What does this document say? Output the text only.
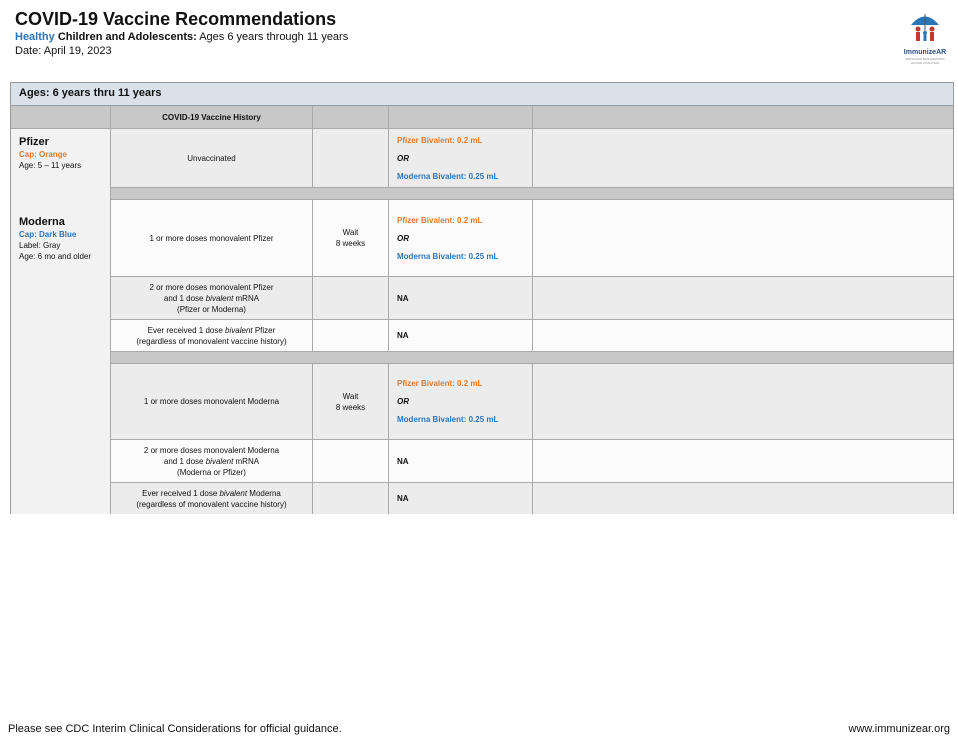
COVID-19 Vaccine Recommendations
Healthy Children and Adolescents: Ages 6 years through 11 years
Date: April 19, 2023	ImmunizeAR
ARKANSAS IMMUNIZATION ACTION COALITION
Ages: 6 years thru 11 years
COVID-19 Vaccine History
Pfizer
Cap: Orange
Age: 5 – 11 years
Moderna
Cap: Dark Blue
Label: Gray
Age: 6 mo and older
Unvaccinated
Pfizer Bivalent: 0.2 mL
OR
Moderna Bivalent: 0.25 mL
1 or more doses monovalent Pfizer
Wait
8 weeks
Pfizer Bivalent: 0.2 mL
OR
Moderna Bivalent: 0.25 mL
2 or more doses monovalent Pfizer
and 1 dose bivalent mRNA
(Pfizer or Moderna)
NA
Ever received 1 dose bivalent Pfizer
(regardless of monovalent vaccine history)
NA
1 or more doses monovalent Moderna
Wait
8 weeks
Pfizer Bivalent: 0.2 mL
OR
Moderna Bivalent: 0.25 mL
2 or more doses monovalent Moderna
and 1 dose bivalent mRNA
(Moderna or Pfizer)
NA
Ever received 1 dose bivalent Moderna
(regardless of monovalent vaccine history)
NA
Please see CDC Interim Clinical Considerations for official guidance.	www.immunizear.org
